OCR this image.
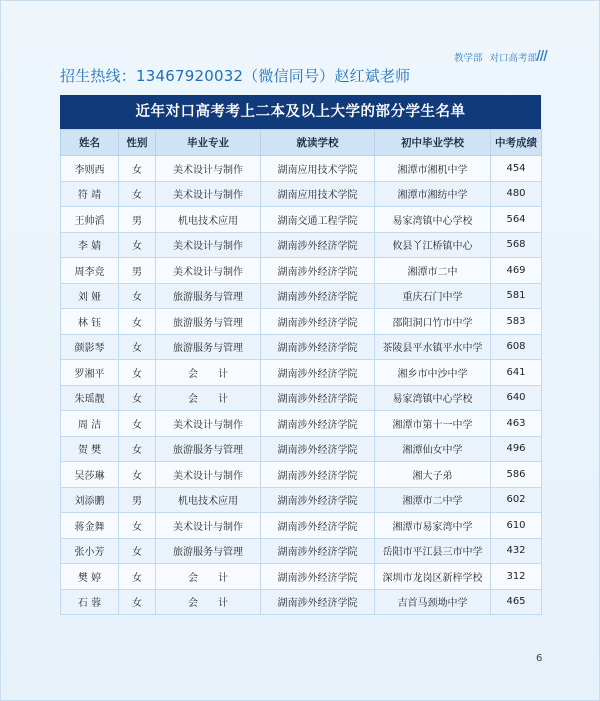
教学部 对口高考部
招生热线：13467920032（微信同号）赵红斌老师
近年对口高考考上二本及以上大学的部分学生名单
姓名	性别	毕业专业	就读学校	初中毕业学校	中考成绩
李则西	女	美术设计与制作	湖南应用技术学院	湘潭市湘机中学	454
符 靖	女	美术设计与制作	湖南应用技术学院	湘潭市湘纺中学	480
王帅滔	男	机电技术应用	湖南交通工程学院	易家湾镇中心学校	564
李 婧	女	美术设计与制作	湖南涉外经济学院	攸县丫江桥镇中心	568
周李竞	男	美术设计与制作	湖南涉外经济学院	湘潭市二中	469
刘 娅	女	旅游服务与管理	湖南涉外经济学院	重庆石门中学	581
林 钰	女	旅游服务与管理	湖南涉外经济学院	邵阳洞口竹市中学	583
颜影琴	女	旅游服务与管理	湖南涉外经济学院	茶陵县平水镇平水中学	608
罗湘平	女	会　　计	湖南涉外经济学院	湘乡市中沙中学	641
朱瑶靓	女	会　　计	湖南涉外经济学院	易家湾镇中心学校	640
周 洁	女	美术设计与制作	湖南涉外经济学院	湘潭市第十一中学	463
贺 樊	女	旅游服务与管理	湖南涉外经济学院	湘潭仙女中学	496
吴莎琳	女	美术设计与制作	湖南涉外经济学院	湘大子弟	586
刘添鹏	男	机电技术应用	湖南涉外经济学院	湘潭市二中学	602
蒋金舞	女	美术设计与制作	湖南涉外经济学院	湘潭市易家湾中学	610
张小芳	女	旅游服务与管理	湖南涉外经济学院	岳阳市平江县三市中学	432
樊 婷	女	会　　计	湖南涉外经济学院	深圳市龙岗区新梓学校	312
石 蓉	女	会　　计	湖南涉外经济学院	吉首马颈坳中学	465
6
